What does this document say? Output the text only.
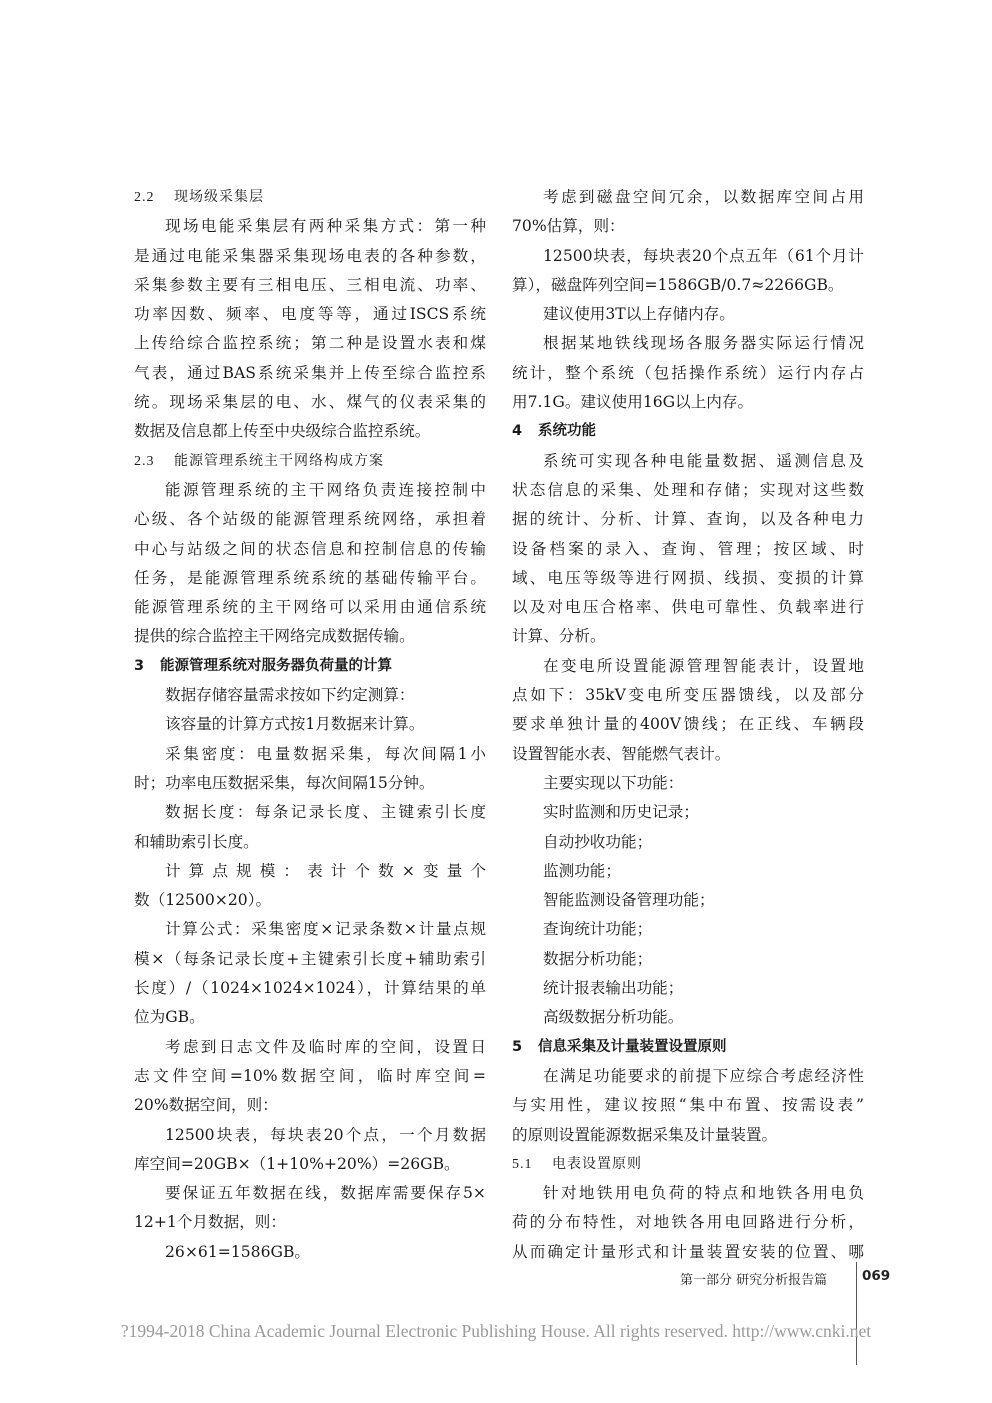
2.2 现场级采集层
现场电能采集层有两种采集方式：第一种
是通过电能采集器采集现场电表的各种参数，
采集参数主要有三相电压、三相电流、功率、
功率因数、频率、电度等等，通过ISCS系统
上传给综合监控系统；第二种是设置水表和煤
气表，通过BAS系统采集并上传至综合监控系
统。现场采集层的电、水、煤气的仪表采集的
数据及信息都上传至中央级综合监控系统。
2.3 能源管理系统主干网络构成方案
能源管理系统的主干网络负责连接控制中
心级、各个站级的能源管理系统网络，承担着
中心与站级之间的状态信息和控制信息的传输
任务，是能源管理系统系统的基础传输平台。
能源管理系统的主干网络可以采用由通信系统
提供的综合监控主干网络完成数据传输。
3 能源管理系统对服务器负荷量的计算
数据存储容量需求按如下约定测算：
该容量的计算方式按1月数据来计算。
采集密度：电量数据采集，每次间隔1小
时；功率电压数据采集，每次间隔15分钟。
数据长度：每条记录长度、主键索引长度
和辅助索引长度。
计算点规模：表计个数×变量个
数（12500×20）。
计算公式：采集密度×记录条数×计量点规
模×（每条记录长度+主键索引长度+辅助索引
长度）/（1024×1024×1024），计算结果的单
位为GB。
考虑到日志文件及临时库的空间，设置日
志文件空间=10%数据空间，临时库空间=
20%数据空间，则：
12500块表，每块表20个点，一个月数据
库空间=20GB×（1+10%+20%）=26GB。
要保证五年数据在线，数据库需要保存5×
12+1个月数据，则：
26×61=1586GB。
考虑到磁盘空间冗余，以数据库空间占用
70%估算，则：
12500块表，每块表20个点五年（61个月计
算），磁盘阵列空间=1586GB/0.7≈2266GB。
建议使用3T以上存储内存。
根据某地铁线现场各服务器实际运行情况
统计，整个系统（包括操作系统）运行内存占
用7.1G。建议使用16G以上内存。
4 系统功能
系统可实现各种电能量数据、遥测信息及
状态信息的采集、处理和存储；实现对这些数
据的统计、分析、计算、查询，以及各种电力
设备档案的录入、查询、管理；按区域、时
域、电压等级等进行网损、线损、变损的计算
以及对电压合格率、供电可靠性、负载率进行
计算、分析。
在变电所设置能源管理智能表计，设置地
点如下：35kV变电所变压器馈线，以及部分
要求单独计量的400V馈线；在正线、车辆段
设置智能水表、智能燃气表计。
主要实现以下功能：
实时监测和历史记录；
自动抄收功能；
监测功能；
智能监测设备管理功能；
查询统计功能；
数据分析功能；
统计报表输出功能；
高级数据分析功能。
5 信息采集及计量装置设置原则
在满足功能要求的前提下应综合考虑经济性
与实用性，建议按照“集中布置、按需设表”
的原则设置能源数据采集及计量装置。
5.1 电表设置原则
针对地铁用电负荷的特点和地铁各用电负
荷的分布特性，对地铁各用电回路进行分析，
从而确定计量形式和计量装置安装的位置、哪
第一部分 研究分析报告篇	069
?1994-2018 China Academic Journal Electronic Publishing House. All rights reserved. http://www.cnki.net
